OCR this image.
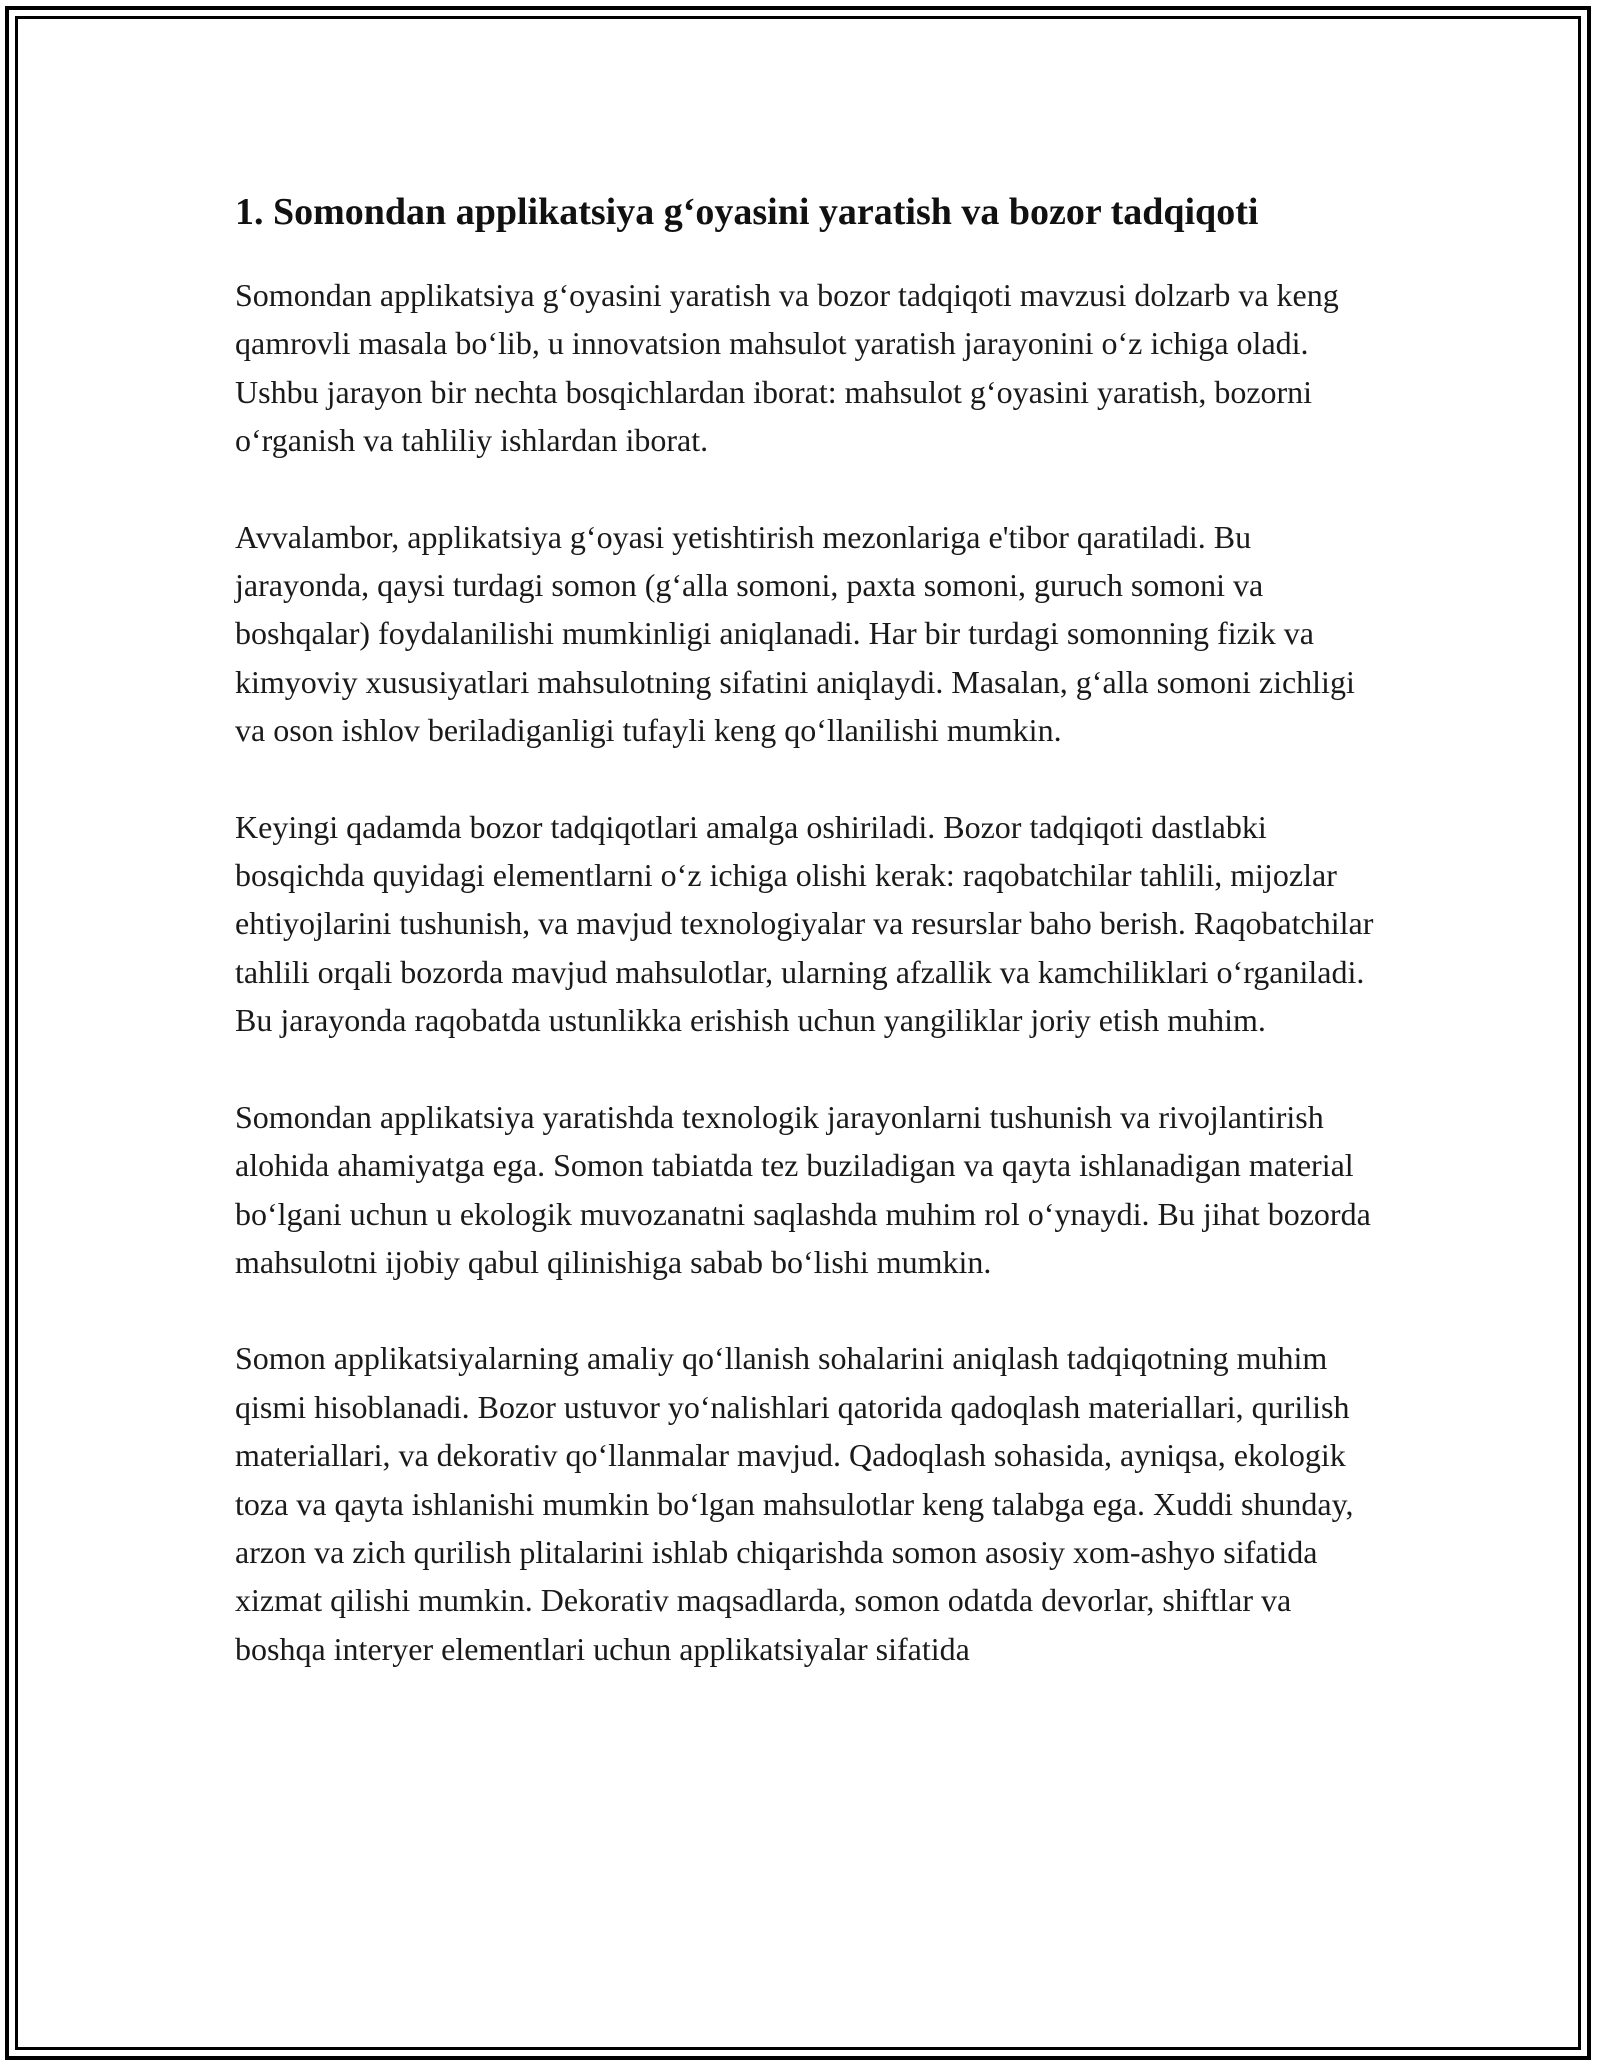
1. Somondan applikatsiya g‘oyasini yaratish va bozor tadqiqoti

Somondan applikatsiya g‘oyasini yaratish va bozor tadqiqoti mavzusi dolzarb va keng qamrovli masala bo‘lib, u innovatsion mahsulot yaratish jarayonini o‘z ichiga oladi. Ushbu jarayon bir nechta bosqichlardan iborat: mahsulot g‘oyasini yaratish, bozorni o‘rganish va tahliliy ishlardan iborat.

Avvalambor, applikatsiya g‘oyasi yetishtirish mezonlariga e'tibor qaratiladi. Bu jarayonda, qaysi turdagi somon (g‘alla somoni, paxta somoni, guruch somoni va boshqalar) foydalanilishi mumkinligi aniqlanadi. Har bir turdagi somonning fizik va kimyoviy xususiyatlari mahsulotning sifatini aniqlaydi. Masalan, g‘alla somoni zichligi va oson ishlov beriladiganligi tufayli keng qo‘llanilishi mumkin.

Keyingi qadamda bozor tadqiqotlari amalga oshiriladi. Bozor tadqiqoti dastlabki bosqichda quyidagi elementlarni o‘z ichiga olishi kerak: raqobatchilar tahlili, mijozlar ehtiyojlarini tushunish, va mavjud texnologiyalar va resurslar baho berish. Raqobatchilar tahlili orqali bozorda mavjud mahsulotlar, ularning afzallik va kamchiliklari o‘rganiladi. Bu jarayonda raqobatda ustunlikka erishish uchun yangiliklar joriy etish muhim.

Somondan applikatsiya yaratishda texnologik jarayonlarni tushunish va rivojlantirish alohida ahamiyatga ega. Somon tabiatda tez buziladigan va qayta ishlanadigan material bo‘lgani uchun u ekologik muvozanatni saqlashda muhim rol o‘ynaydi. Bu jihat bozorda mahsulotni ijobiy qabul qilinishiga sabab bo‘lishi mumkin.

Somon applikatsiyalarning amaliy qo‘llanish sohalarini aniqlash tadqiqotning muhim qismi hisoblanadi. Bozor ustuvor yo‘nalishlari qatorida qadoqlash materiallari, qurilish materiallari, va dekorativ qo‘llanmalar mavjud. Qadoqlash sohasida, ayniqsa, ekologik toza va qayta ishlanishi mumkin bo‘lgan mahsulotlar keng talabga ega. Xuddi shunday, arzon va zich qurilish plitalarini ishlab chiqarishda somon asosiy xom-ashyo sifatida xizmat qilishi mumkin. Dekorativ maqsadlarda, somon odatda devorlar, shiftlar va boshqa interyer elementlari uchun applikatsiyalar sifatida
